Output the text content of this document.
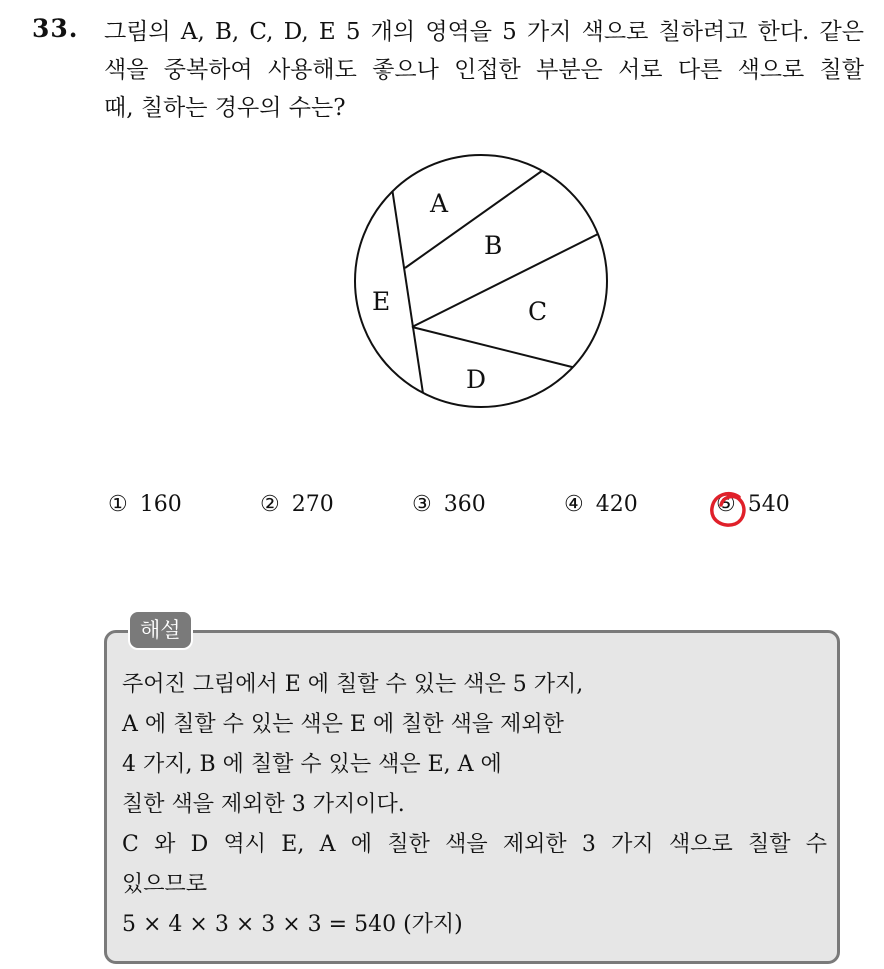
33. 그림의 A, B, C, D, E 5 개의 영역을 5 가지 색으로 칠하려고 한다. 같은
색을 중복하여 사용해도 좋으나 인접한 부분은 서로 다른 색으로 칠할
때, 칠하는 경우의 수는?
A
B
E	C
D
① 160	② 270	③ 360	④ 420	⑤ 540
해설
주어진 그림에서 E 에 칠할 수 있는 색은 5 가지,
A 에 칠할 수 있는 색은 E 에 칠한 색을 제외한
4 가지, B 에 칠할 수 있는 색은 E, A 에
칠한 색을 제외한 3 가지이다.
C 와 D 역시 E, A 에 칠한 색을 제외한 3 가지 색으로 칠할 수
있으므로
5 × 4 × 3 × 3 × 3 = 540 (가지)
